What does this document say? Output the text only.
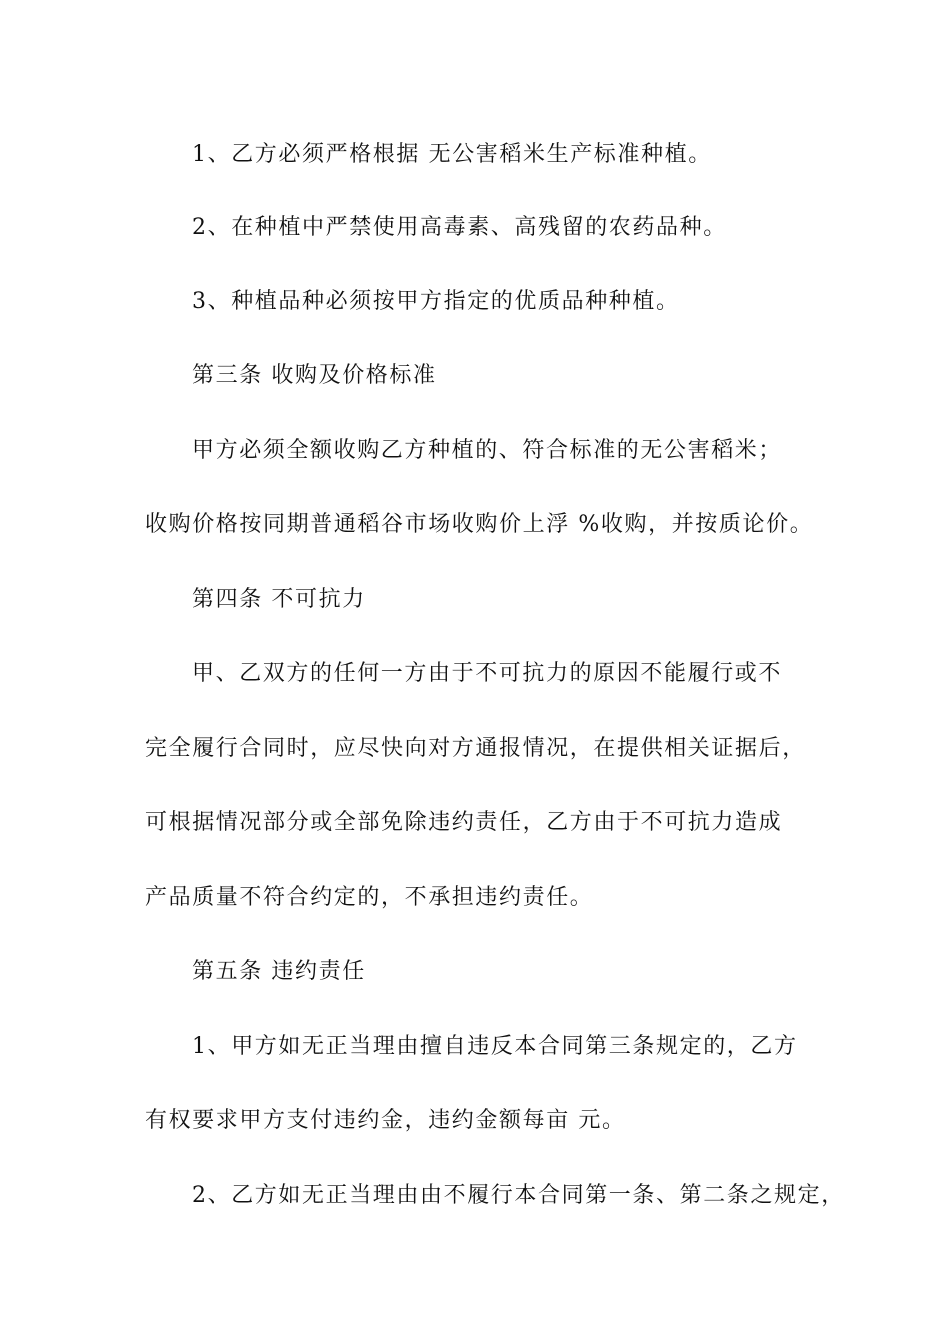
1、乙方必须严格根据 无公害稻米生产标准种植。
2、在种植中严禁使用高毒素、高残留的农药品种。
3、种植品种必须按甲方指定的优质品种种植。
第三条 收购及价格标准
甲方必须全额收购乙方种植的、符合标准的无公害稻米；
收购价格按同期普通稻谷市场收购价上浮 %收购，并按质论价。
第四条 不可抗力
甲、乙双方的任何一方由于不可抗力的原因不能履行或不
完全履行合同时，应尽快向对方通报情况，在提供相关证据后，
可根据情况部分或全部免除违约责任，乙方由于不可抗力造成
产品质量不符合约定的，不承担违约责任。
第五条 违约责任
1、甲方如无正当理由擅自违反本合同第三条规定的，乙方
有权要求甲方支付违约金，违约金额每亩 元。
2、乙方如无正当理由由不履行本合同第一条、第二条之规定，
